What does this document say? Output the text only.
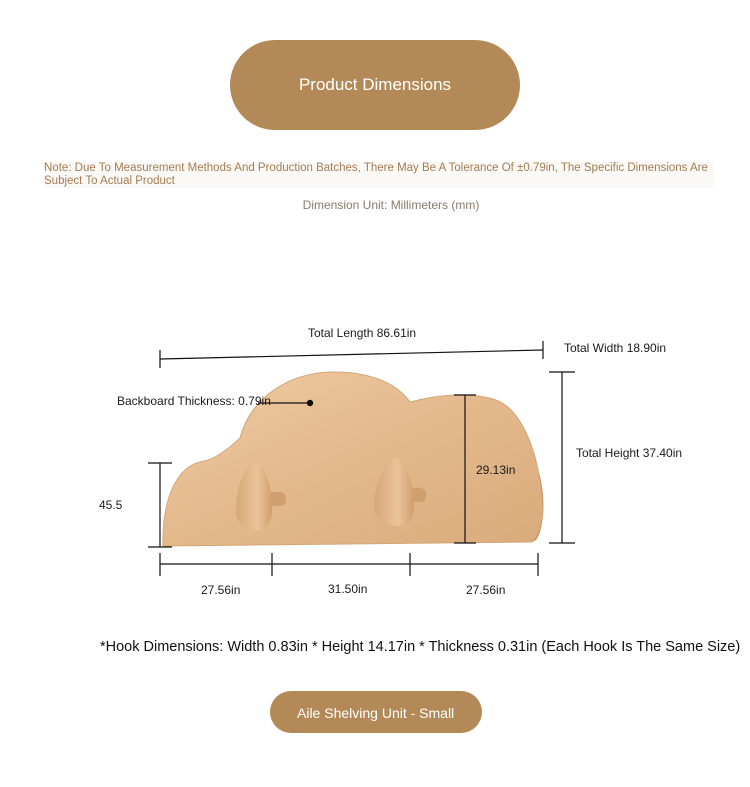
Product Dimensions
Note: Due To Measurement Methods And Production Batches, There May Be A Tolerance Of ±0.79in, The Specific Dimensions Are Subject To Actual Product
Dimension Unit: Millimeters (mm)
Total Length 86.61in
Total Width 18.90in
Backboard Thickness: 0.79in
29.13in
Total Height 37.40in
45.5
27.56in	31.50in	27.56in
*Hook Dimensions: Width 0.83in * Height 14.17in * Thickness 0.31in (Each Hook Is The Same Size)
Aile Shelving Unit - Small
